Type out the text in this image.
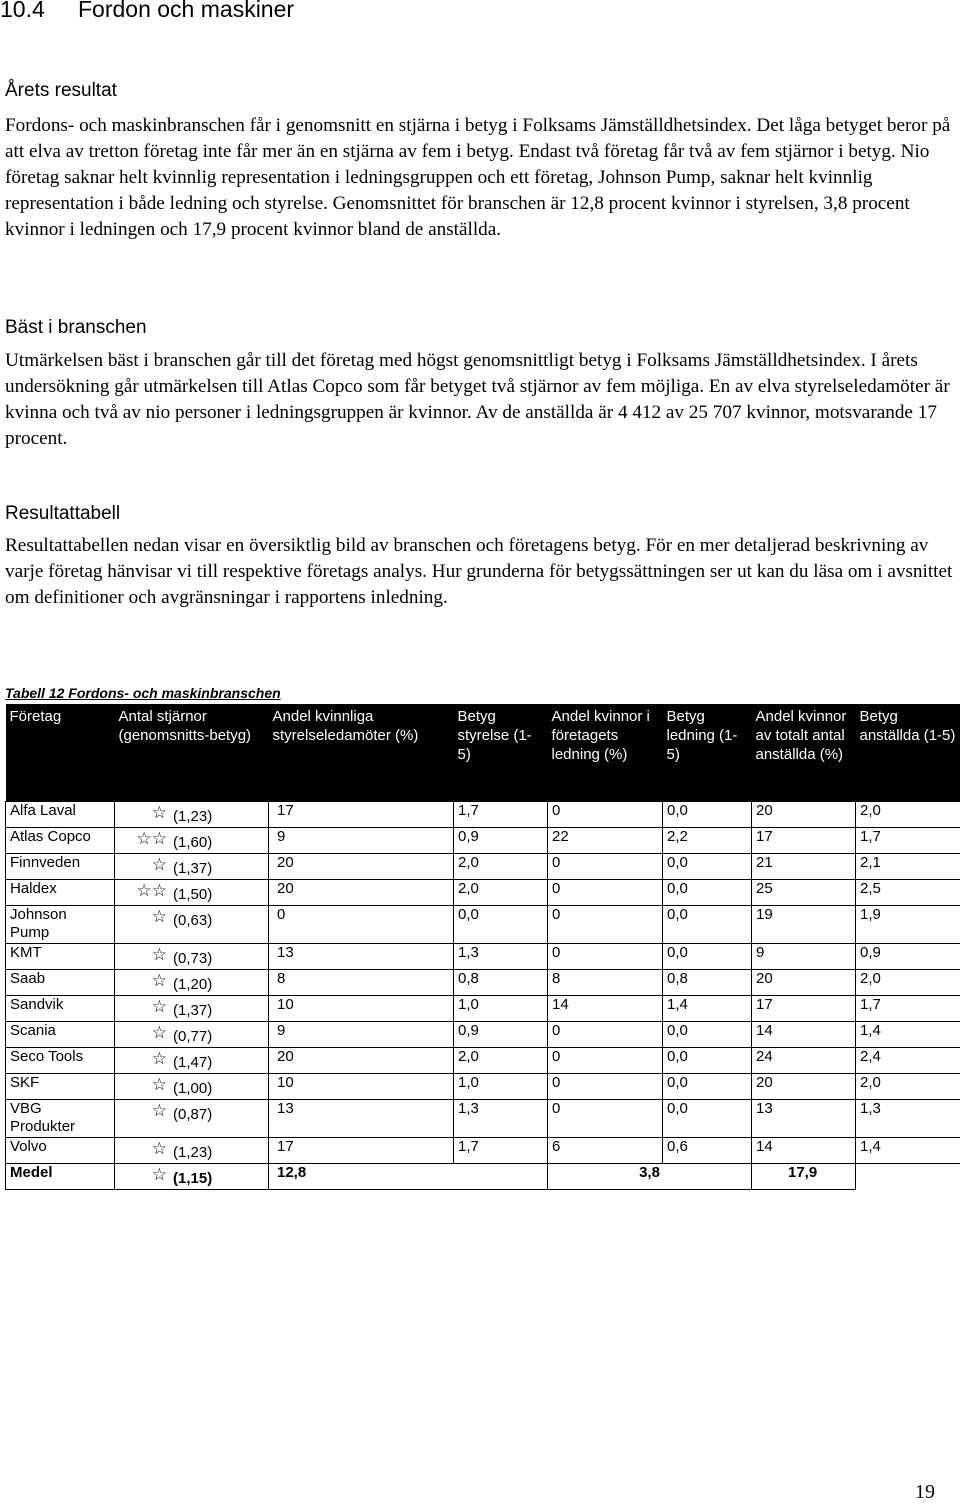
10.4 Fordon och maskiner
Årets resultat
Fordons- och maskinbranschen får i genomsnitt en stjärna i betyg i Folksams Jämställdhetsindex. Det låga betyget beror på att elva av tretton företag inte får mer än en stjärna av fem i betyg. Endast två företag får två av fem stjärnor i betyg. Nio företag saknar helt kvinnlig representation i ledningsgruppen och ett företag, Johnson Pump, saknar helt kvinnlig representation i både ledning och styrelse. Genomsnittet för branschen är 12,8 procent kvinnor i styrelsen, 3,8 procent kvinnor i ledningen och 17,9 procent kvinnor bland de anställda.
Bäst i branschen
Utmärkelsen bäst i branschen går till det företag med högst genomsnittligt betyg i Folksams Jämställdhetsindex. I årets undersökning går utmärkelsen till Atlas Copco som får betyget två stjärnor av fem möjliga. En av elva styrelseledamöter är kvinna och två av nio personer i ledningsgruppen är kvinnor. Av de anställda är 4 412 av 25 707 kvinnor, motsvarande 17 procent.
Resultattabell
Resultattabellen nedan visar en översiktlig bild av branschen och företagens betyg. För en mer detaljerad beskrivning av varje företag hänvisar vi till respektive företags analys. Hur grunderna för betygssättningen ser ut kan du läsa om i avsnittet om definitioner och avgränsningar i rapportens inledning.
Tabell 12 Fordons- och maskinbranschen
Företag	Antal stjärnor (genomsnitts-betyg)	Andel kvinnliga styrelseledamöter (%)	Betyg styrelse (1-5)	Andel kvinnor i företagets ledning (%)	Betyg ledning (1-5)	Andel kvinnor av totalt antal anställda (%)	Betyg anställda (1-5)
Alfa Laval	☆ (1,23)	17	1,7	0	0,0	20	2,0
Atlas Copco	☆☆ (1,60)	9	0,9	22	2,2	17	1,7
Finnveden	☆ (1,37)	20	2,0	0	0,0	21	2,1
Haldex	☆☆ (1,50)	20	2,0	0	0,0	25	2,5
Johnson Pump	☆ (0,63)	0	0,0	0	0,0	19	1,9
KMT	☆ (0,73)	13	1,3	0	0,0	9	0,9
Saab	☆ (1,20)	8	0,8	8	0,8	20	2,0
Sandvik	☆ (1,37)	10	1,0	14	1,4	17	1,7
Scania	☆ (0,77)	9	0,9	0	0,0	14	1,4
Seco Tools	☆ (1,47)	20	2,0	0	0,0	24	2,4
SKF	☆ (1,00)	10	1,0	0	0,0	20	2,0
VBG Produkter	☆ (0,87)	13	1,3	0	0,0	13	1,3
Volvo	☆ (1,23)	17	1,7	6	0,6	14	1,4
Medel	☆ (1,15)	12,8		3,8		17,9	
19
